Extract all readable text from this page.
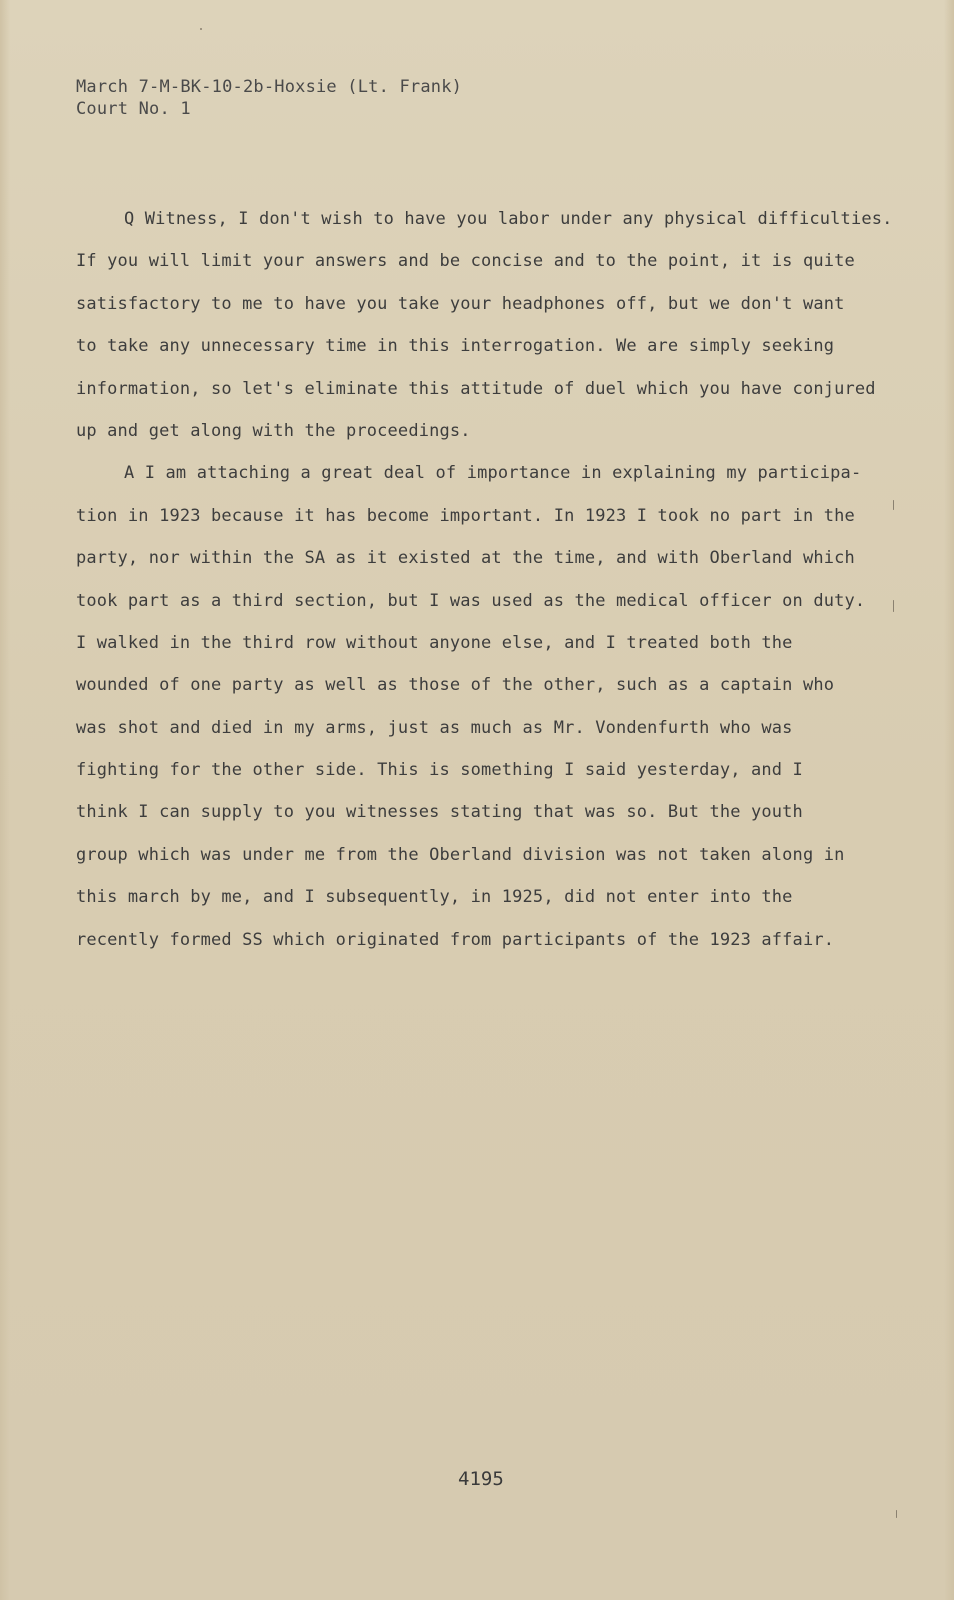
March 7-M-BK-10-2b-Hoxsie (Lt. Frank)
Court No. 1
Q Witness, I don't wish to have you labor under any physical difficulties.
If you will limit your answers and be concise and to the point, it is quite
satisfactory to me to have you take your headphones off, but we don't want
to take any unnecessary time in this interrogation. We are simply seeking
information, so let's eliminate this attitude of duel which you have conjured
up and get along with the proceedings.
A I am attaching a great deal of importance in explaining my participa-
tion in 1923 because it has become important. In 1923 I took no part in the
party, nor within the SA as it existed at the time, and with Oberland which
took part as a third section, but I was used as the medical officer on duty.
I walked in the third row without anyone else, and I treated both the
wounded of one party as well as those of the other, such as a captain who
was shot and died in my arms, just as much as Mr. Vondenfurth who was
fighting for the other side. This is something I said yesterday, and I
think I can supply to you witnesses stating that was so. But the youth
group which was under me from the Oberland division was not taken along in
this march by me, and I subsequently, in 1925, did not enter into the
recently formed SS which originated from participants of the 1923 affair.
4195
